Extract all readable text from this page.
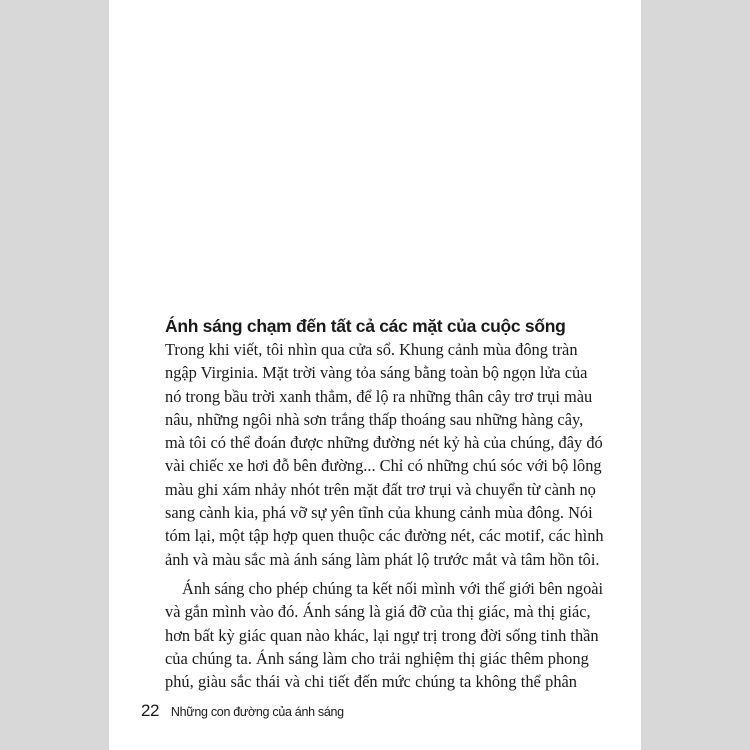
Ánh sáng chạm đến tất cả các mặt của cuộc sống
Trong khi viết, tôi nhìn qua cửa sổ. Khung cảnh mùa đông tràn
ngập Virginia. Mặt trời vàng tỏa sáng bằng toàn bộ ngọn lửa của
nó trong bầu trời xanh thẳm, để lộ ra những thân cây trơ trụi màu
nâu, những ngôi nhà sơn trắng thấp thoáng sau những hàng cây,
mà tôi có thể đoán được những đường nét kỷ hà của chúng, đây đó
vài chiếc xe hơi đỗ bên đường... Chỉ có những chú sóc với bộ lông
màu ghi xám nhảy nhót trên mặt đất trơ trụi và chuyển từ cành nọ
sang cành kia, phá vỡ sự yên tĩnh của khung cảnh mùa đông. Nói
tóm lại, một tập hợp quen thuộc các đường nét, các motif, các hình
ảnh và màu sắc mà ánh sáng làm phát lộ trước mắt và tâm hồn tôi.
Ánh sáng cho phép chúng ta kết nối mình với thế giới bên ngoài
và gắn mình vào đó. Ánh sáng là giá đỡ của thị giác, mà thị giác,
hơn bất kỳ giác quan nào khác, lại ngự trị trong đời sống tinh thần
của chúng ta. Ánh sáng làm cho trải nghiệm thị giác thêm phong
phú, giàu sắc thái và chi tiết đến mức chúng ta không thể phân
22 Những con đường của ánh sáng
